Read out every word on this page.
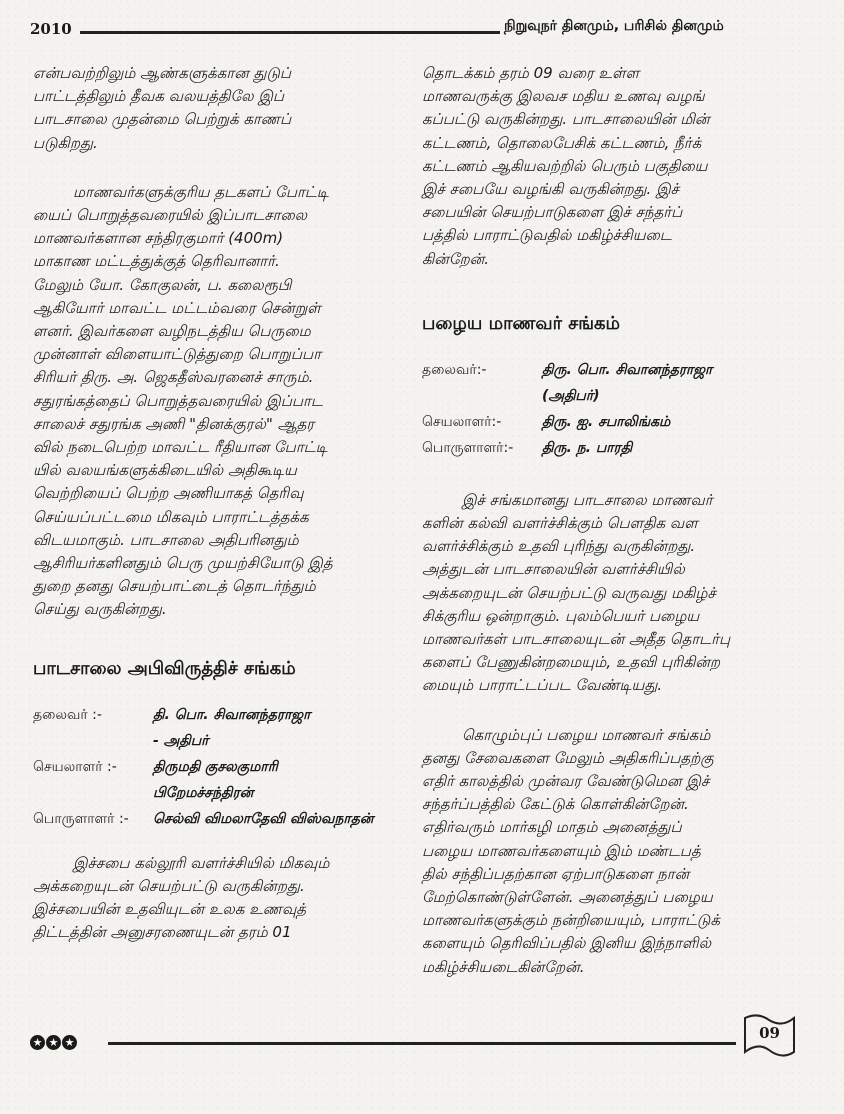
2010	நிறுவுநர் தினமும், பரிசில் தினமும்

என்பவற்றிலும் ஆண்களுக்கான துடுப்

பாட்டத்திலும் தீவக வலயத்திலே இப்

பாடசாலை முதன்மை பெற்றுக் காணப்

படுகிறது.

மாணவர்களுக்குரிய தடகளப் போட்டி

யைப் பொறுத்தவரையில் இப்பாடசாலை

மாணவர்களான சந்திரகுமார் (400m)

மாகாண மட்டத்துக்குத் தெரிவானார்.

மேலும் யோ. கோகுலன், ப. கலைரூபி

ஆகியோர் மாவட்ட மட்டம்வரை சென்றுள்

ளனர். இவர்களை வழிநடத்திய பெருமை

முன்னாள் விளையாட்டுத்துறை பொறுப்பா

சிரியர் திரு. அ. ஜெகதீஸ்வரனைச் சாரும்.

சதுரங்கத்தைப் பொறுத்தவரையில் இப்பாட

சாலைச் சதுரங்க அணி "தினக்குரல்" ஆதர

வில் நடைபெற்ற மாவட்ட ரீதியான போட்டி

யில் வலயங்களுக்கிடையில் அதிகூடிய

வெற்றியைப் பெற்ற அணியாகத் தெரிவு

செய்யப்பட்டமை மிகவும் பாராட்டத்தக்க

விடயமாகும். பாடசாலை அதிபரினதும்

ஆசிரியர்களினதும் பெரு முயற்சியோடு இத்

துறை தனது செயற்பாட்டைத் தொடர்ந்தும்

செய்து வருகின்றது.

பாடசாலை அபிவிருத்திச் சங்கம்
தலைவர் :-	தி. பொ. சிவானந்தராஜா
- அதிபர்
செயலாளர் :-	திருமதி குசலகுமாரி
பிறேமச்சந்திரன்
பொருளாளர் :-	செல்வி விமலாதேவி விஸ்வநாதன்

இச்சபை கல்லூரி வளர்ச்சியில் மிகவும்

அக்கறையுடன் செயற்பட்டு வருகின்றது.

இச்சபையின் உதவியுடன் உலக உணவுத்

திட்டத்தின் அனுசரணையுடன் தரம் 01

தொடக்கம் தரம் 09 வரை உள்ள

மாணவருக்கு இலவச மதிய உணவு வழங்

கப்பட்டு வருகின்றது. பாடசாலையின் மின்

கட்டணம், தொலைபேசிக் கட்டணம், நீர்க்

கட்டணம் ஆகியவற்றில் பெரும் பகுதியை

இச் சபையே வழங்கி வருகின்றது. இச்

சபையின் செயற்பாடுகளை இச் சந்தர்ப்

பத்தில் பாராட்டுவதில் மகிழ்ச்சியடை

கின்றேன்.

பழைய மாணவர் சங்கம்
தலைவர்:-	திரு. பொ. சிவானந்தராஜா
(அதிபர்)
செயலாளர்:-	திரு. ஐ. சபாலிங்கம்
பொருளாளர்:-	திரு. ந. பாரதி

இச் சங்கமானது பாடசாலை மாணவர்

களின் கல்வி வளர்ச்சிக்கும் பௌதிக வள

வளர்ச்சிக்கும் உதவி புரிந்து வருகின்றது.

அத்துடன் பாடசாலையின் வளர்ச்சியில்

அக்கறையுடன் செயற்பட்டு வருவது மகிழ்ச்

சிக்குரிய ஒன்றாகும். புலம்பெயர் பழைய

மாணவர்கள் பாடசாலையுடன் அதீத தொடர்பு

களைப் பேணுகின்றமையும், உதவி புரிகின்ற

மையும் பாராட்டப்பட வேண்டியது.

கொழும்புப் பழைய மாணவர் சங்கம்

தனது சேவைகளை மேலும் அதிகரிப்பதற்கு

எதிர் காலத்தில் முன்வர வேண்டுமென இச்

சந்தர்ப்பத்தில் கேட்டுக் கொள்கின்றேன்.

எதிர்வரும் மார்கழி மாதம் அனைத்துப்

பழைய மாணவர்களையும் இம் மண்டபத்

தில் சந்திப்பதற்கான ஏற்பாடுகளை நான்

மேற்கொண்டுள்ளேன். அனைத்துப் பழைய

மாணவர்களுக்கும் நன்றியையும், பாராட்டுக்

களையும் தெரிவிப்பதில் இனிய இந்நாளில்

மகிழ்ச்சியடைகின்றேன்.

★ ★ ★
09
